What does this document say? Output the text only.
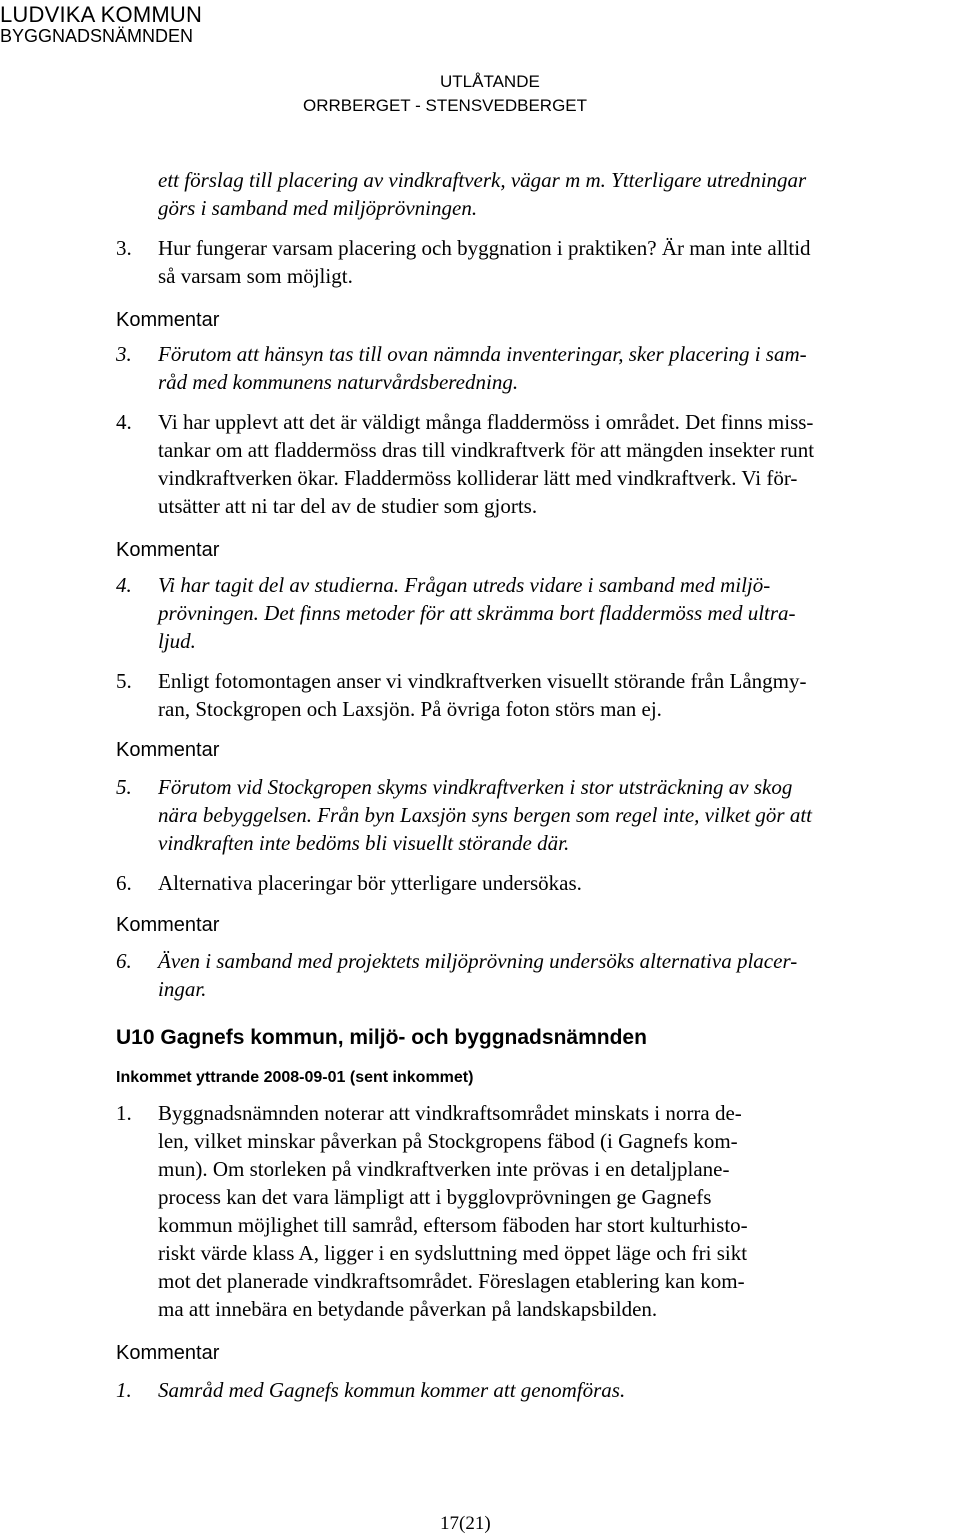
LUDVIKA KOMMUN
BYGGNADSNÄMNDEN
UTLÅTANDE
ORRBERGET - STENSVEDBERGET
ett förslag till placering av vindkraftverk, vägar m m. Ytterligare utredningar
görs i samband med miljöprövningen.
3. Hur fungerar varsam placering och byggnation i praktiken? Är man inte alltid
så varsam som möjligt.
Kommentar
3. Förutom att hänsyn tas till ovan nämnda inventeringar, sker placering i sam-
råd med kommunens naturvårdsberedning.
4. Vi har upplevt att det är väldigt många fladdermöss i området. Det finns miss-
tankar om att fladdermöss dras till vindkraftverk för att mängden insekter runt
vindkraftverken ökar. Fladdermöss kolliderar lätt med vindkraftverk. Vi för-
utsätter att ni tar del av de studier som gjorts.
Kommentar
4. Vi har tagit del av studierna. Frågan utreds vidare i samband med miljö-
prövningen. Det finns metoder för att skrämma bort fladdermöss med ultra-
ljud.
5. Enligt fotomontagen anser vi vindkraftverken visuellt störande från Långmy-
ran, Stockgropen och Laxsjön. På övriga foton störs man ej.
Kommentar
5. Förutom vid Stockgropen skyms vindkraftverken i stor utsträckning av skog
nära bebyggelsen. Från byn Laxsjön syns bergen som regel inte, vilket gör att
vindkraften inte bedöms bli visuellt störande där.
6. Alternativa placeringar bör ytterligare undersökas.
Kommentar
6. Även i samband med projektets miljöprövning undersöks alternativa placer-
ingar.
U10 Gagnefs kommun, miljö- och byggnadsnämnden
Inkommet yttrande 2008-09-01 (sent inkommet)
1. Byggnadsnämnden noterar att vindkraftsområdet minskats i norra de-
len, vilket minskar påverkan på Stockgropens fäbod (i Gagnefs kom-
mun). Om storleken på vindkraftverken inte prövas i en detaljplane-
process kan det vara lämpligt att i bygglovprövningen ge Gagnefs
kommun möjlighet till samråd, eftersom fäboden har stort kulturhisto-
riskt värde klass A, ligger i en sydsluttning med öppet läge och fri sikt
mot det planerade vindkraftsområdet. Föreslagen etablering kan kom-
ma att innebära en betydande påverkan på landskapsbilden.
Kommentar
1. Samråd med Gagnefs kommun kommer att genomföras.
17(21)
